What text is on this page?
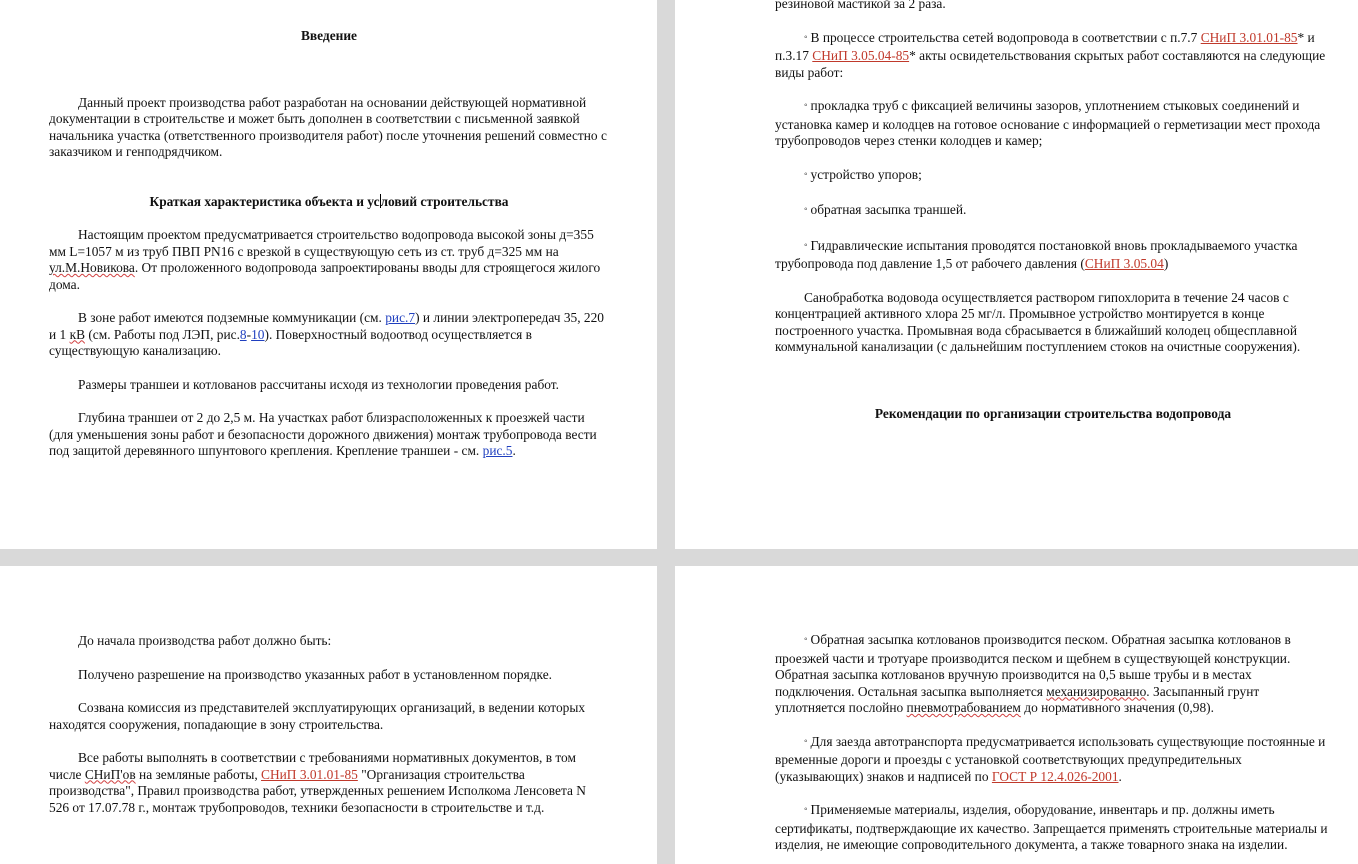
Введение

Данный проект производства работ разработан на основании действующей нормативной документации в строительстве и может быть дополнен в соответствии с письменной заявкой начальника участка (ответственного производителя работ) после уточнения решений совместно с заказчиком и генподрядчиком.

Краткая характеристика объекта и условий строительства

Настоящим проектом предусматривается строительство водопровода высокой зоны д=355 мм L=1057 м из труб ПВП PN16 с врезкой в существующую сеть из ст. труб д=325 мм на ул.М.Новикова. От проложенного водопровода запроектированы вводы для строящегося жилого дома.

В зоне работ имеются подземные коммуникации (см. рис.7) и линии электропередач 35, 220 и 1 кВ (см. Работы под ЛЭП, рис.8-10). Поверхностный водоотвод осуществляется в существующую канализацию.

Размеры траншеи и котлованов рассчитаны исходя из технологии проведения работ.

Глубина траншеи от 2 до 2,5 м. На участках работ близрасположенных к проезжей части (для уменьшения зоны работ и безопасности дорожного движения) монтаж трубопровода вести под защитой деревянного шпунтового крепления. Крепление траншеи - см. рис.5.

резиновой мастикой за 2 раза.

◦ В процессе строительства сетей водопровода в соответствии с п.7.7 СНиП 3.01.01-85* и п.3.17 СНиП 3.05.04-85* акты освидетельствования скрытых работ составляются на следующие виды работ:

◦ прокладка труб с фиксацией величины зазоров, уплотнением стыковых соединений и установка камер и колодцев на готовое основание с информацией о герметизации мест прохода трубопроводов через стенки колодцев и камер;

◦ устройство упоров;

◦ обратная засыпка траншей.

◦ Гидравлические испытания проводятся постановкой вновь прокладываемого участка трубопровода под давление 1,5 от рабочего давления (СНиП 3.05.04)

Санобработка водовода осуществляется раствором гипохлорита в течение 24 часов с концентрацией активного хлора 25 мг/л. Промывное устройство монтируется в конце построенного участка. Промывная вода сбрасывается в ближайший колодец общесплавной коммунальной канализации (с дальнейшим поступлением стоков на очистные сооружения).

Рекомендации по организации строительства водопровода

До начала производства работ должно быть:

Получено разрешение на производство указанных работ в установленном порядке.

Созвана комиссия из представителей эксплуатирующих организаций, в ведении которых находятся сооружения, попадающие в зону строительства.

Все работы выполнять в соответствии с требованиями нормативных документов, в том числе СНиП'ов на земляные работы, СНиП 3.01.01-85 "Организация строительства производства", Правил производства работ, утвержденных решением Исполкома Ленсовета N 526 от 17.07.78 г., монтаж трубопроводов, техники безопасности в строительстве и т.д.

◦ Обратная засыпка котлованов производится песком. Обратная засыпка котлованов в проезжей части и тротуаре производится песком и щебнем в существующей конструкции. Обратная засыпка котлованов вручную производится на 0,5 выше трубы и в местах подключения. Остальная засыпка выполняется механизированно. Засыпанный грунт уплотняется послойно пневмотрабованием до нормативного значения (0,98).

◦ Для заезда автотранспорта предусматривается использовать существующие постоянные и временные дороги и проезды с установкой соответствующих предупредительных (указывающих) знаков и надписей по ГОСТ Р 12.4.026-2001.

◦ Применяемые материалы, изделия, оборудование, инвентарь и пр. должны иметь сертификаты, подтверждающие их качество. Запрещается применять строительные материалы и изделия, не имеющие сопроводительного документа, а также товарного знака на изделии.
